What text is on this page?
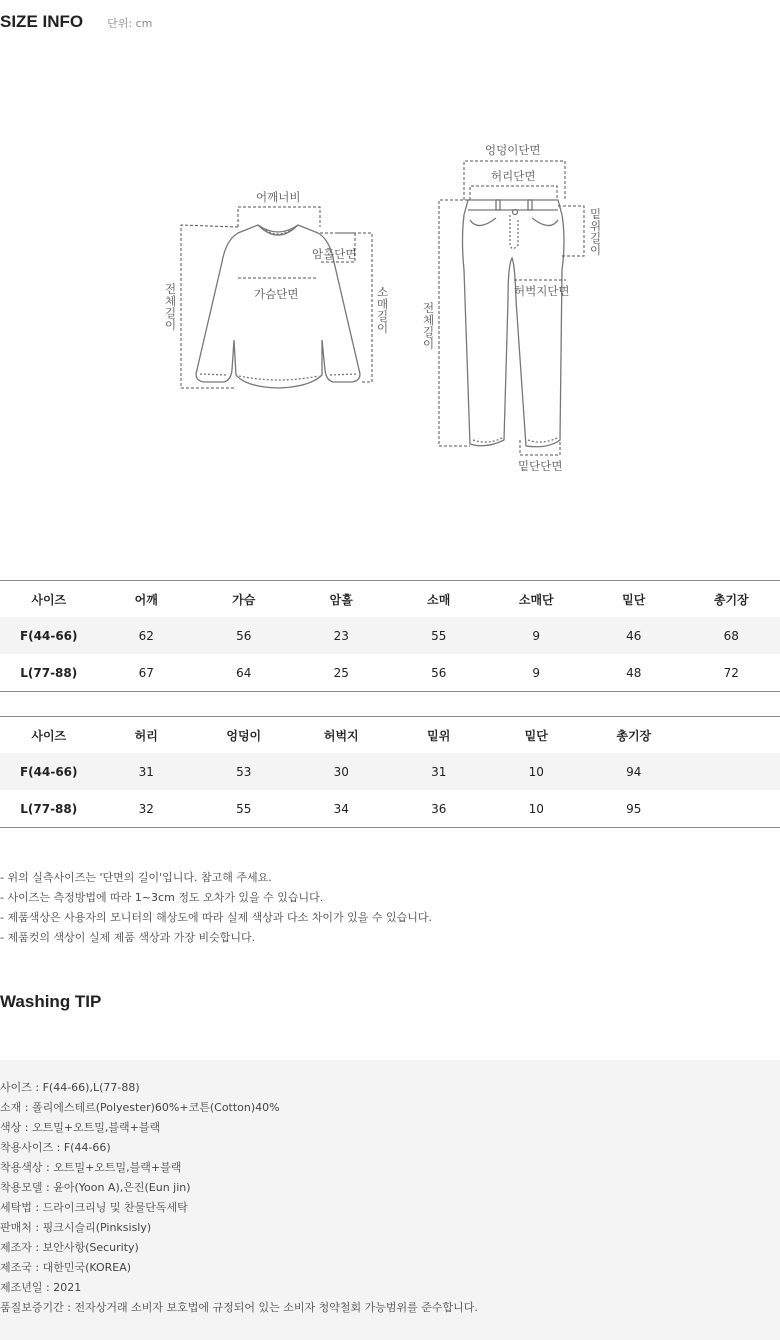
SIZE INFO 단위: cm
어깨너비
암홀단면
가슴단면
전
체
길
이
소
매
길
이
엉덩이단면
허리단면
허벅지단면
밑단단면
전
체
길
이
밑
위
길
이
사이즈	어깨	가슴	암홀	소매	소매단	밑단	총기장
F(44-66)	62	56	23	55	9	46	68
L(77-88)	67	64	25	56	9	48	72
사이즈	허리	엉덩이	허벅지	밑위	밑단	총기장	
F(44-66)	31	53	30	31	10	94	
L(77-88)	32	55	34	36	10	95	
- 위의 실측사이즈는 '단면의 길이'입니다. 참고해 주세요.
- 사이즈는 측정방법에 따라 1~3cm 정도 오차가 있을 수 있습니다.
- 제품색상은 사용자의 모니터의 해상도에 따라 실제 색상과 다소 차이가 있을 수 있습니다.
- 제품컷의 색상이 실제 제품 색상과 가장 비슷합니다.
Washing TIP
사이즈 : F(44-66),L(77-88)
소재 : 폴리에스테르(Polyester)60%+코튼(Cotton)40%
색상 : 오트밀+오트밀,블랙+블랙
착용사이즈 : F(44-66)
착용색상 : 오트밀+오트밀,블랙+블랙
착용모델 : 윤아(Yoon A),은진(Eun jin)
세탁법 : 드라이크리닝 및 찬물단독세탁
판매처 : 핑크시슬리(Pinksisly)
제조자 : 보안사항(Security)
제조국 : 대한민국(KOREA)
제조년일 : 2021
품질보증기간 : 전자상거래 소비자 보호법에 규정되어 있는 소비자 청약철회 가능범위를 준수합니다.
